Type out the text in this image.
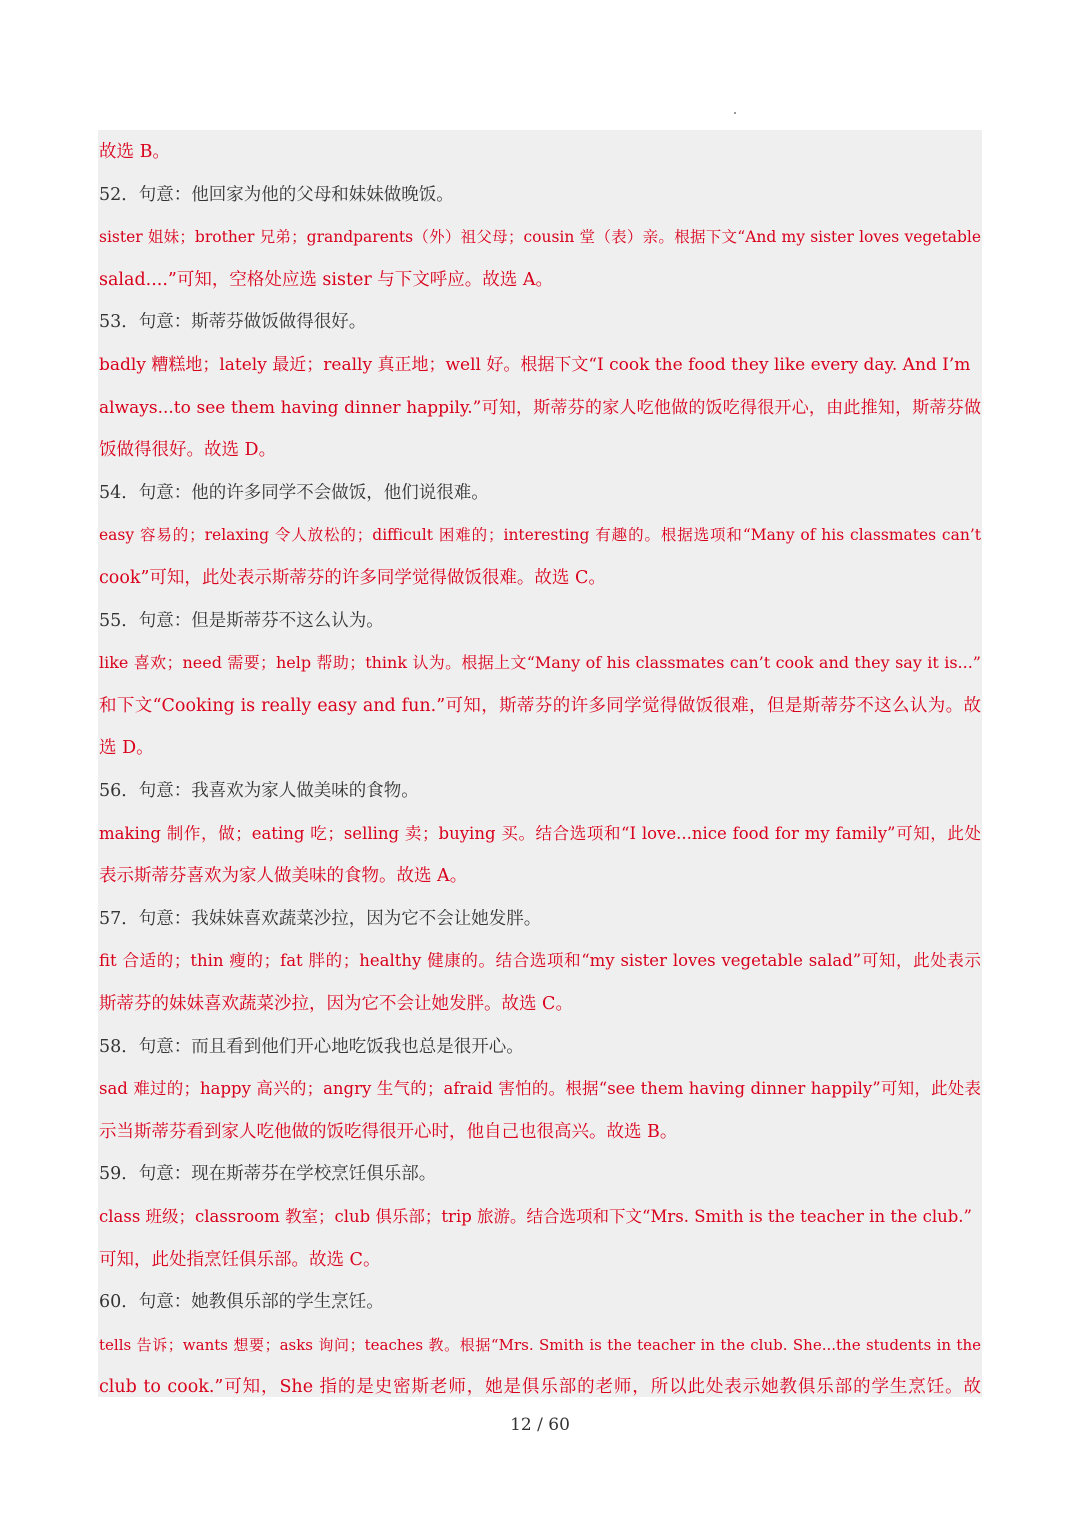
故选 B。
52．句意：他回家为他的父母和妹妹做晚饭。
sister 姐妹；brother 兄弟；grandparents（外）祖父母；cousin 堂（表）亲。根据下文“And my sister loves vegetable
salad....”可知，空格处应选 sister 与下文呼应。故选 A。
53．句意：斯蒂芬做饭做得很好。
badly 糟糕地；lately 最近；really 真正地；well 好。根据下文“I cook the food they like every day. And I’m
always...to see them having dinner happily.”可知，斯蒂芬的家人吃他做的饭吃得很开心，由此推知，斯蒂芬做
饭做得很好。故选 D。
54．句意：他的许多同学不会做饭，他们说很难。
easy 容易的；relaxing 令人放松的；difficult 困难的；interesting 有趣的。根据选项和“Many of his classmates can’t
cook”可知，此处表示斯蒂芬的许多同学觉得做饭很难。故选 C。
55．句意：但是斯蒂芬不这么认为。
like 喜欢；need 需要；help 帮助；think 认为。根据上文“Many of his classmates can’t cook and they say it is...”
和下文“Cooking is really easy and fun.”可知，斯蒂芬的许多同学觉得做饭很难，但是斯蒂芬不这么认为。故
选 D。
56．句意：我喜欢为家人做美味的食物。
making 制作，做；eating 吃；selling 卖；buying 买。结合选项和“I love...nice food for my family”可知，此处
表示斯蒂芬喜欢为家人做美味的食物。故选 A。
57．句意：我妹妹喜欢蔬菜沙拉，因为它不会让她发胖。
fit 合适的；thin 瘦的；fat 胖的；healthy 健康的。结合选项和“my sister loves vegetable salad”可知，此处表示
斯蒂芬的妹妹喜欢蔬菜沙拉，因为它不会让她发胖。故选 C。
58．句意：而且看到他们开心地吃饭我也总是很开心。
sad 难过的；happy 高兴的；angry 生气的；afraid 害怕的。根据“see them having dinner happily”可知，此处表
示当斯蒂芬看到家人吃他做的饭吃得很开心时，他自己也很高兴。故选 B。
59．句意：现在斯蒂芬在学校烹饪俱乐部。
class 班级；classroom 教室；club 俱乐部；trip 旅游。结合选项和下文“Mrs. Smith is the teacher in the club.”
可知，此处指烹饪俱乐部。故选 C。
60．句意：她教俱乐部的学生烹饪。
tells 告诉；wants 想要；asks 询问；teaches 教。根据“Mrs. Smith is the teacher in the club. She...the students in the
club to cook.”可知，She 指的是史密斯老师，她是俱乐部的老师，所以此处表示她教俱乐部的学生烹饪。故
12 / 60
